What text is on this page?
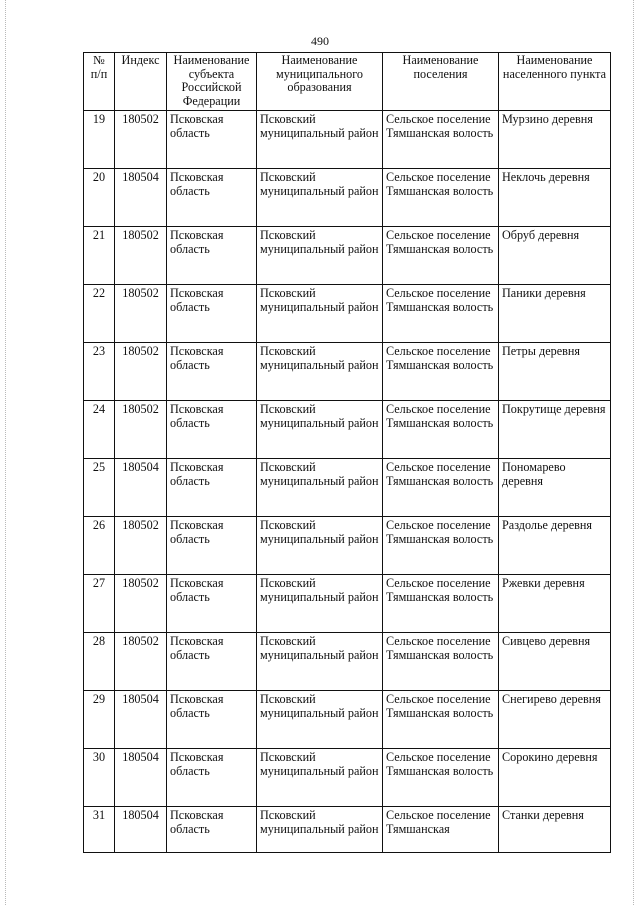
490
№ п/п	Индекс	Наименование субъекта Российской Федерации	Наименование муниципального образования	Наименование поселения	Наименование населенного пункта
19	180502	Псковская область	Псковский муниципальный район	Сельское поселение Тямшанская волость	Мурзино деревня
20	180504	Псковская область	Псковский муниципальный район	Сельское поселение Тямшанская волость	Неклочь деревня
21	180502	Псковская область	Псковский муниципальный район	Сельское поселение Тямшанская волость	Обруб деревня
22	180502	Псковская область	Псковский муниципальный район	Сельское поселение Тямшанская волость	Паники деревня
23	180502	Псковская область	Псковский муниципальный район	Сельское поселение Тямшанская волость	Петры деревня
24	180502	Псковская область	Псковский муниципальный район	Сельское поселение Тямшанская волость	Покрутище деревня
25	180504	Псковская область	Псковский муниципальный район	Сельское поселение Тямшанская волость	Пономарево деревня
26	180502	Псковская область	Псковский муниципальный район	Сельское поселение Тямшанская волость	Раздолье деревня
27	180502	Псковская область	Псковский муниципальный район	Сельское поселение Тямшанская волость	Ржевки деревня
28	180502	Псковская область	Псковский муниципальный район	Сельское поселение Тямшанская волость	Сивцево деревня
29	180504	Псковская область	Псковский муниципальный район	Сельское поселение Тямшанская волость	Снегирево деревня
30	180504	Псковская область	Псковский муниципальный район	Сельское поселение Тямшанская волость	Сорокино деревня
31	180504	Псковская область	Псковский муниципальный район	Сельское поселение Тямшанская	Станки деревня
